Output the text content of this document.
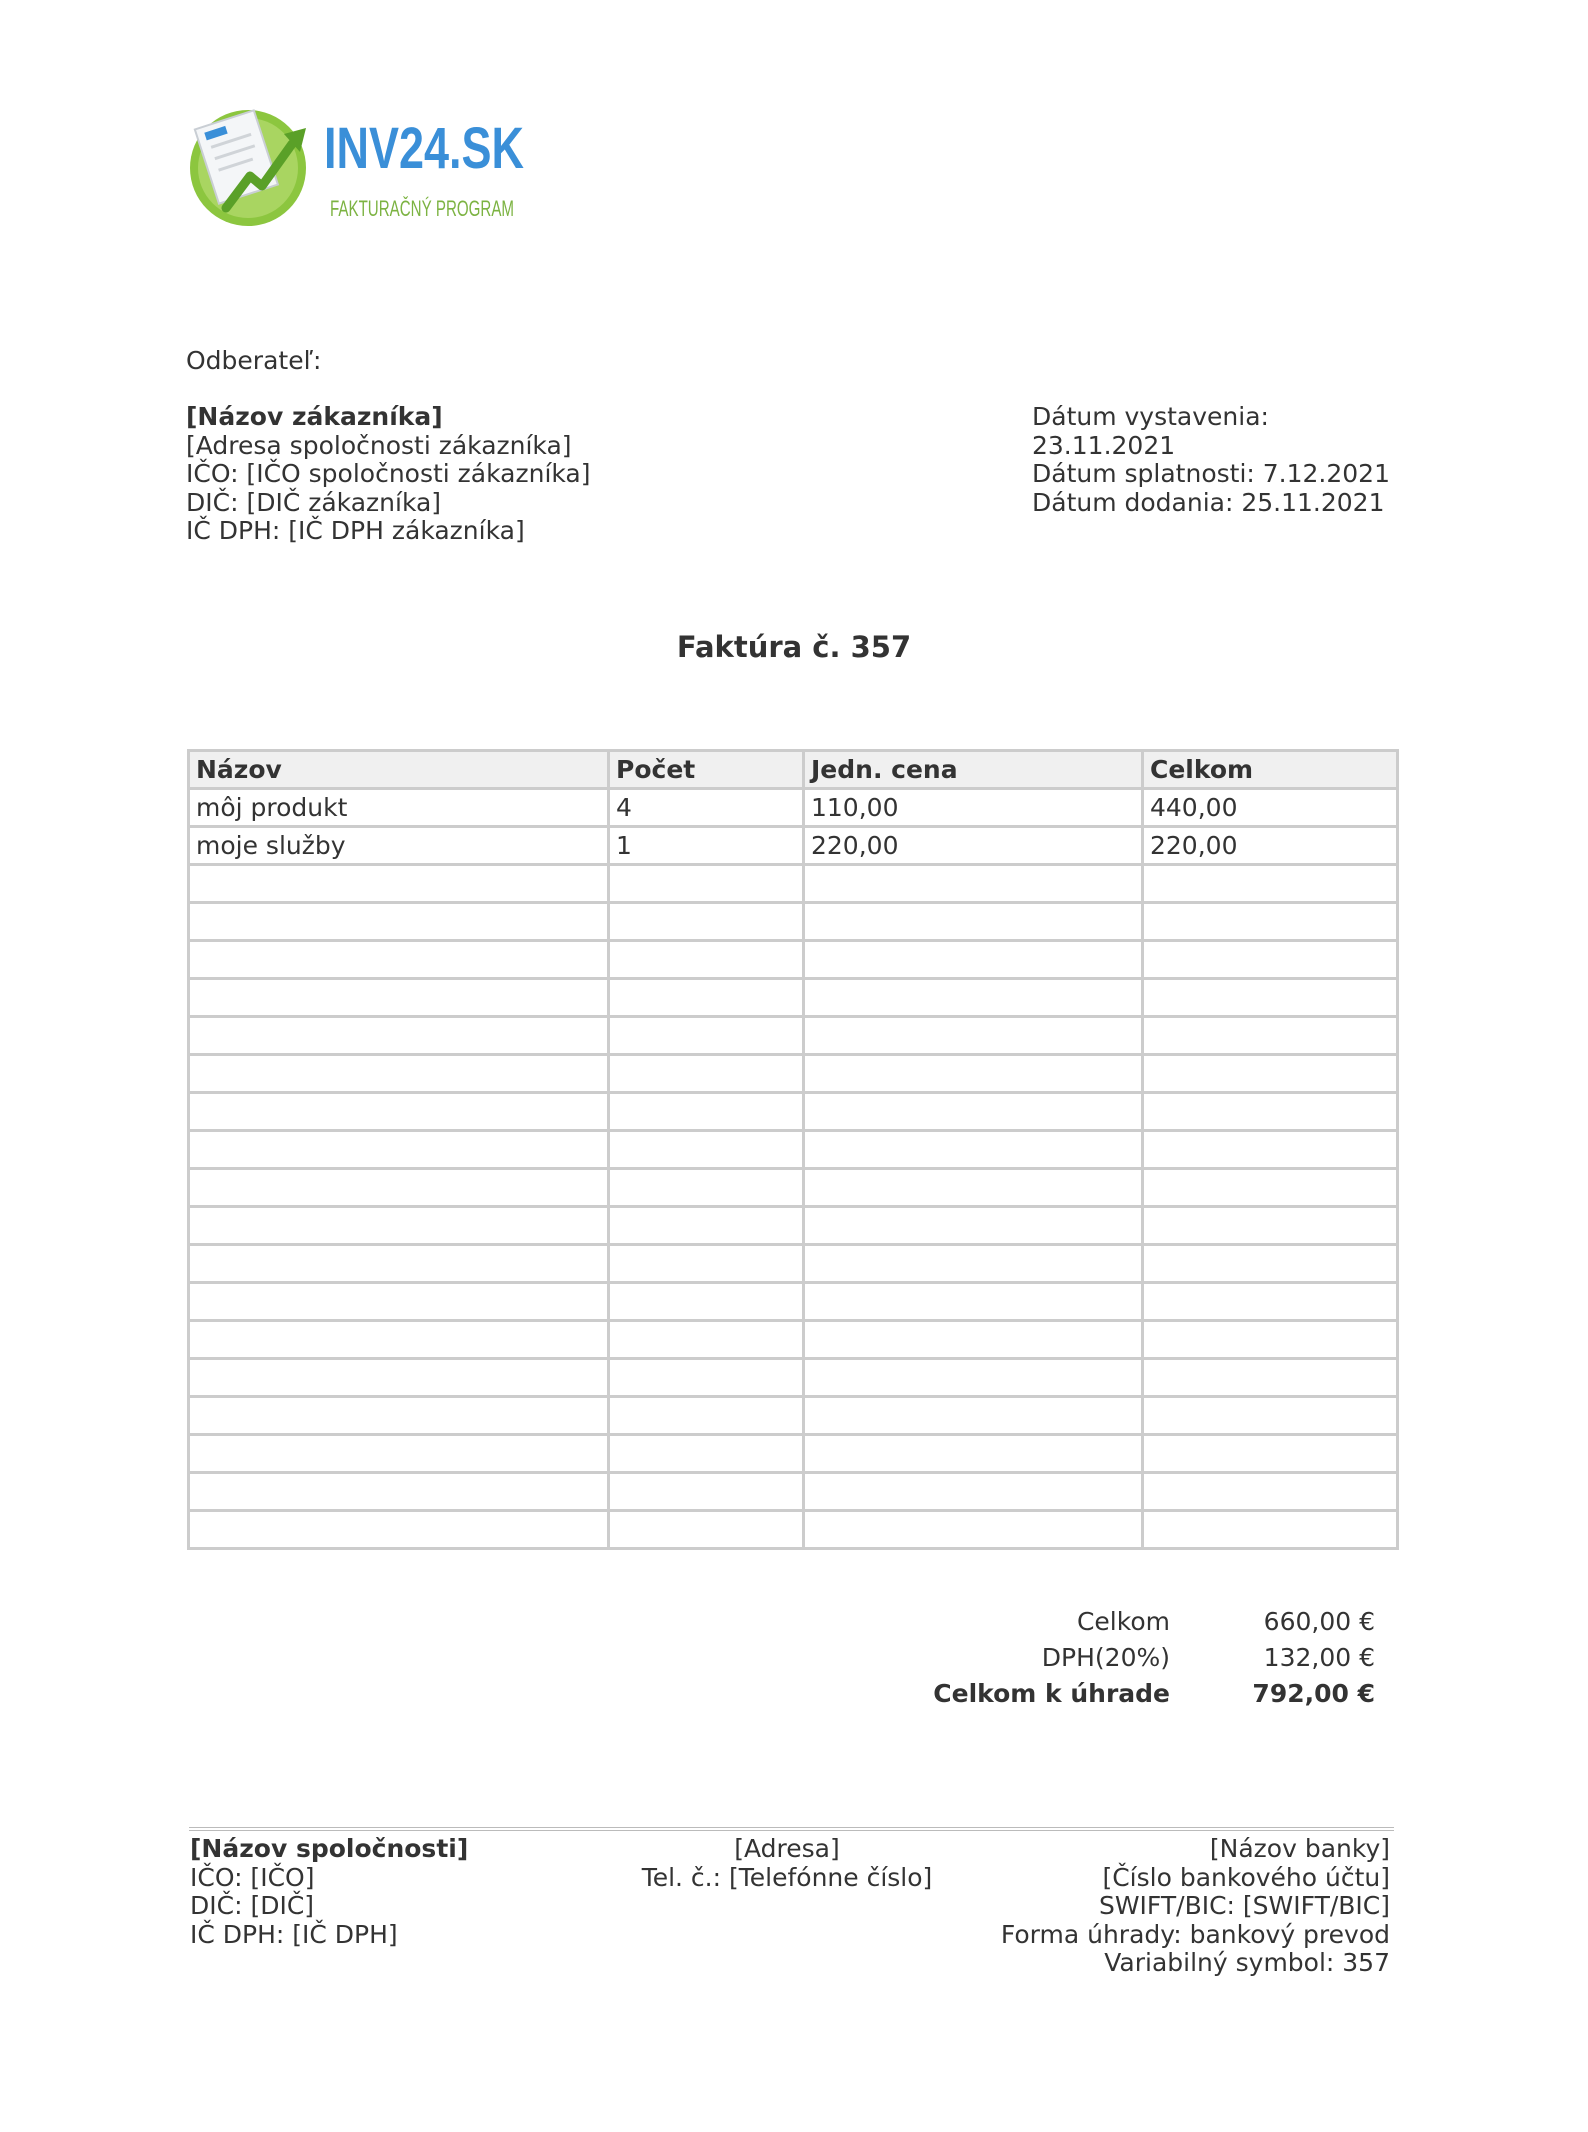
INV24.SK
FAKTURAČNÝ PROGRAM
Odberateľ:
[Názov zákazníka]
[Adresa spoločnosti zákazníka]
IČO: [IČO spoločnosti zákazníka]
DIČ: [DIČ zákazníka]
IČ DPH: [IČ DPH zákazníka]
Dátum vystavenia:
23.11.2021
Dátum splatnosti: 7.12.2021
Dátum dodania: 25.11.2021
Faktúra č. 357
Názov	Počet	Jedn. cena	Celkom
môj produkt	4	110,00	440,00
moje služby	1	220,00	220,00

Celkom	660,00 €
DPH(20%)	132,00 €
Celkom k úhrade	792,00 €
[Názov spoločnosti]
IČO: [IČO]
DIČ: [DIČ]
IČ DPH: [IČ DPH]
[Adresa]
Tel. č.: [Telefónne číslo]
[Názov banky]
[Číslo bankového účtu]
SWIFT/BIC: [SWIFT/BIC]
Forma úhrady: bankový prevod
Variabilný symbol: 357
